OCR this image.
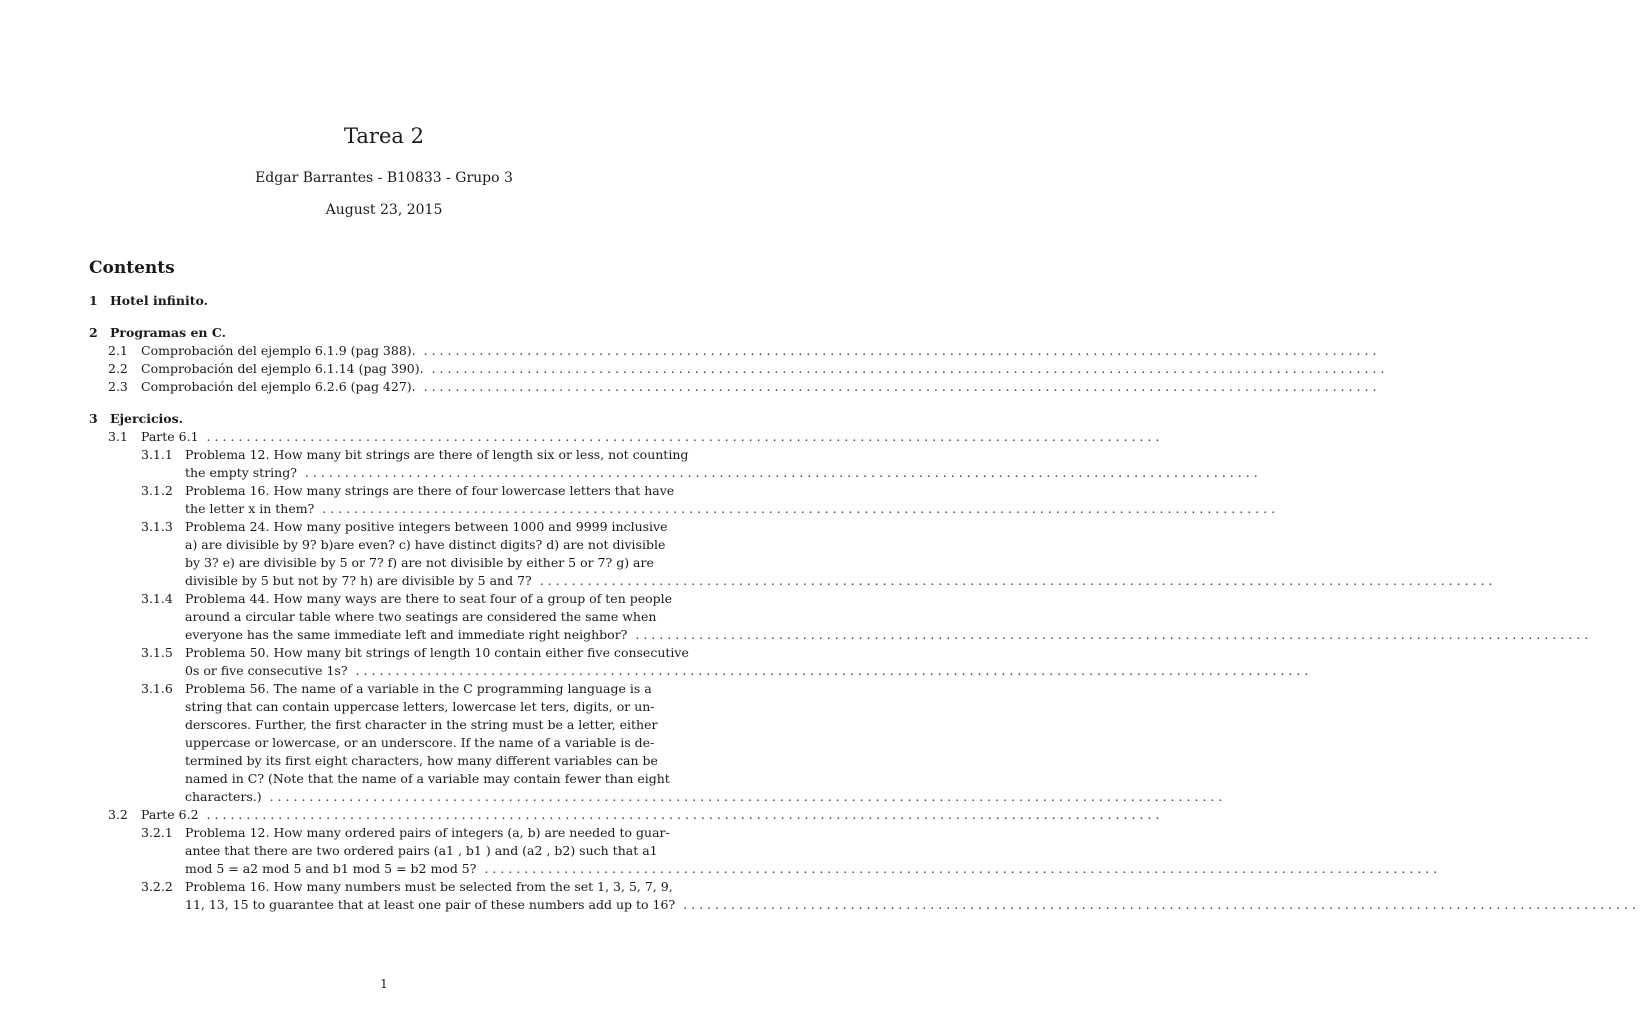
Tarea 2
Edgar Barrantes - B10833 - Grupo 3
August 23, 2015
Contents
1 Hotel infinito.
2 Programas en C.
2.1 Comprobación del ejemplo 6.1.9 (pag 388). ........................................................................................................................
2.2 Comprobación del ejemplo 6.1.14 (pag 390). ........................................................................................................................
2.3 Comprobación del ejemplo 6.2.6 (pag 427). ........................................................................................................................
3 Ejercicios.
3.1 Parte 6.1 ........................................................................................................................
3.1.1 Problema 12. How many bit strings are there of length six or less, not counting
the empty string? ........................................................................................................................
3.1.2 Problema 16. How many strings are there of four lowercase letters that have
the letter x in them? ........................................................................................................................
3.1.3 Problema 24. How many positive integers between 1000 and 9999 inclusive
a) are divisible by 9? b)are even? c) have distinct digits? d) are not divisible
by 3? e) are divisible by 5 or 7? f) are not divisible by either 5 or 7? g) are
divisible by 5 but not by 7? h) are divisible by 5 and 7? ........................................................................................................................
3.1.4 Problema 44. How many ways are there to seat four of a group of ten people
around a circular table where two seatings are considered the same when
everyone has the same immediate left and immediate right neighbor? ........................................................................................................................
3.1.5 Problema 50. How many bit strings of length 10 contain either five consecutive
0s or five consecutive 1s? ........................................................................................................................
3.1.6 Problema 56. The name of a variable in the C programming language is a
string that can contain uppercase letters, lowercase let ters, digits, or un-
derscores. Further, the first character in the string must be a letter, either
uppercase or lowercase, or an underscore. If the name of a variable is de-
termined by its first eight characters, how many different variables can be
named in C? (Note that the name of a variable may contain fewer than eight
characters.) ........................................................................................................................
3.2 Parte 6.2 ........................................................................................................................
3.2.1 Problema 12. How many ordered pairs of integers (a, b) are needed to guar-
antee that there are two ordered pairs (a1 , b1 ) and (a2 , b2) such that a1
mod 5 = a2 mod 5 and b1 mod 5 = b2 mod 5? ........................................................................................................................
3.2.2 Problema 16. How many numbers must be selected from the set 1, 3, 5, 7, 9,
11, 13, 15 to guarantee that at least one pair of these numbers add up to 16? ........................................................................................................................
1
